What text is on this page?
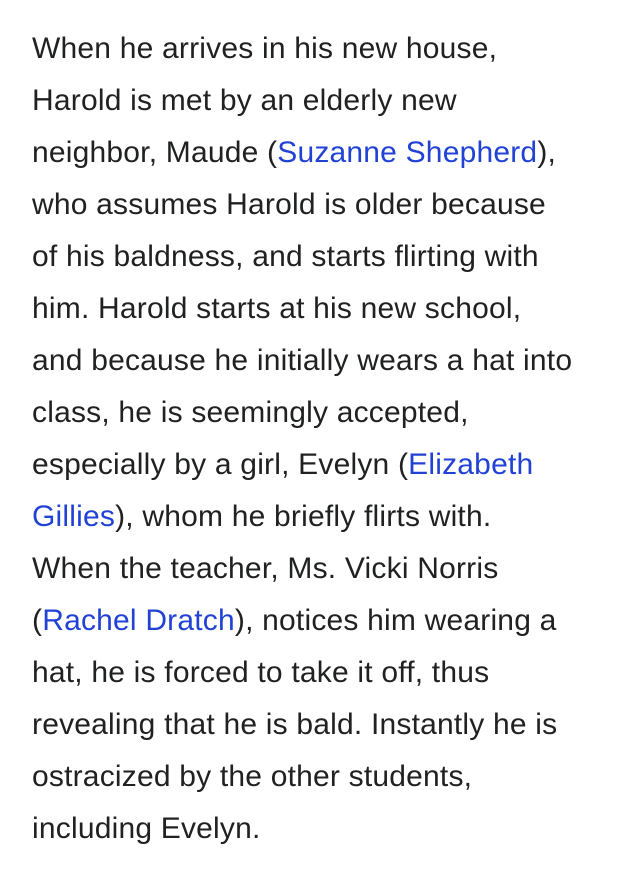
When he arrives in his new house,
Harold is met by an elderly new
neighbor, Maude (Suzanne Shepherd),
who assumes Harold is older because
of his baldness, and starts flirting with
him. Harold starts at his new school,
and because he initially wears a hat into
class, he is seemingly accepted,
especially by a girl, Evelyn (Elizabeth
Gillies), whom he briefly flirts with.
When the teacher, Ms. Vicki Norris
(Rachel Dratch), notices him wearing a
hat, he is forced to take it off, thus
revealing that he is bald. Instantly he is
ostracized by the other students,
including Evelyn.
